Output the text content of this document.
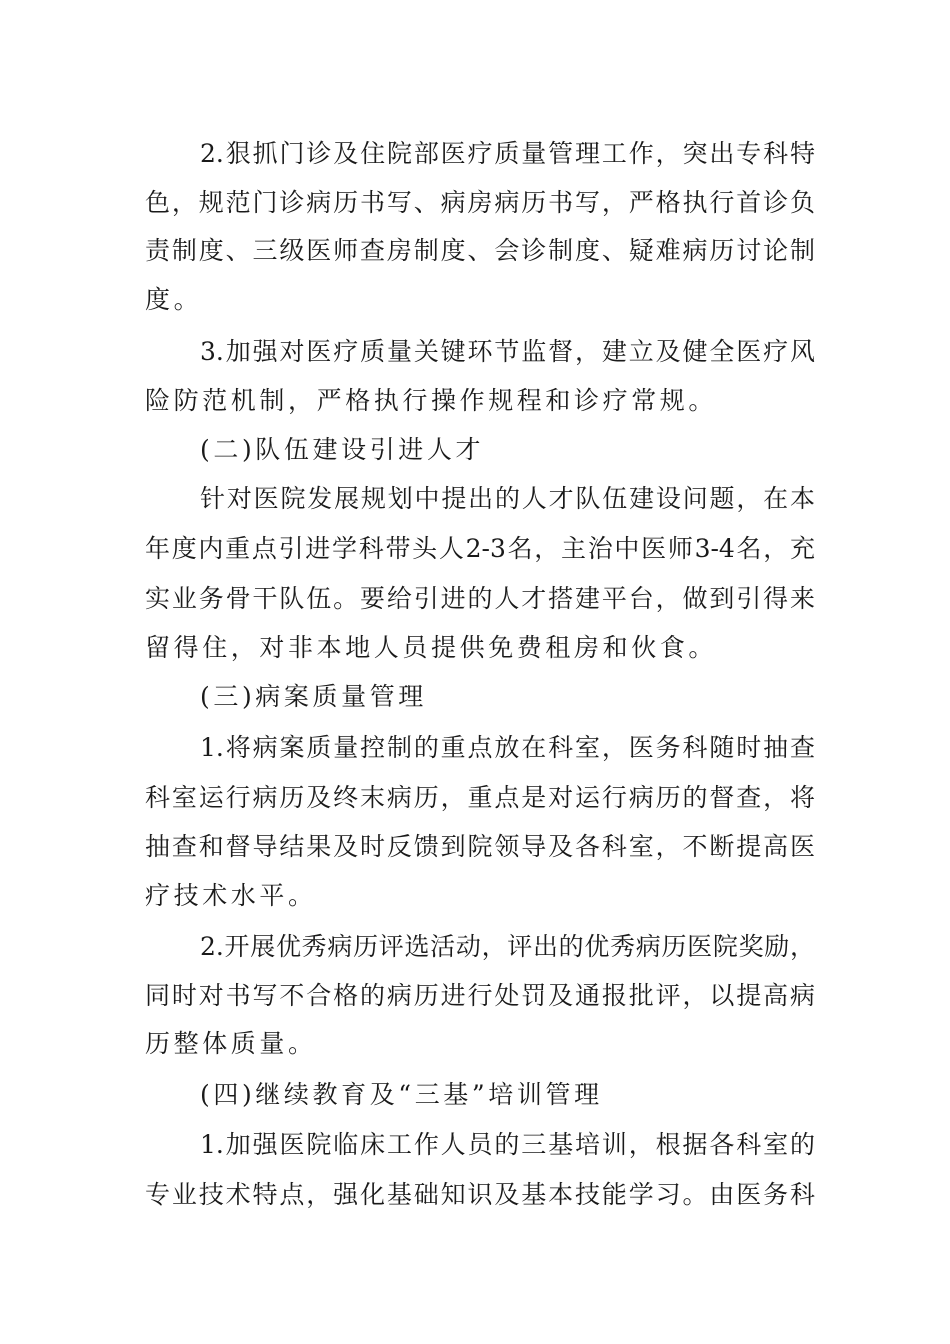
2.狠抓门诊及住院部医疗质量管理工作，突出专科特
色，规范门诊病历书写、病房病历书写，严格执行首诊负
责制度、三级医师查房制度、会诊制度、疑难病历讨论制
度。
3.加强对医疗质量关键环节监督，建立及健全医疗风
险防范机制，严格执行操作规程和诊疗常规。
(二)队伍建设引进人才
针对医院发展规划中提出的人才队伍建设问题，在本
年度内重点引进学科带头人2-3名，主治中医师3-4名，充
实业务骨干队伍。要给引进的人才搭建平台，做到引得来
留得住，对非本地人员提供免费租房和伙食。
(三)病案质量管理
1.将病案质量控制的重点放在科室，医务科随时抽查
科室运行病历及终末病历，重点是对运行病历的督查，将
抽查和督导结果及时反馈到院领导及各科室，不断提高医
疗技术水平。
2.开展优秀病历评选活动，评出的优秀病历医院奖励，
同时对书写不合格的病历进行处罚及通报批评，以提高病
历整体质量。
(四)继续教育及“三基”培训管理
1.加强医院临床工作人员的三基培训，根据各科室的
专业技术特点，强化基础知识及基本技能学习。由医务科
